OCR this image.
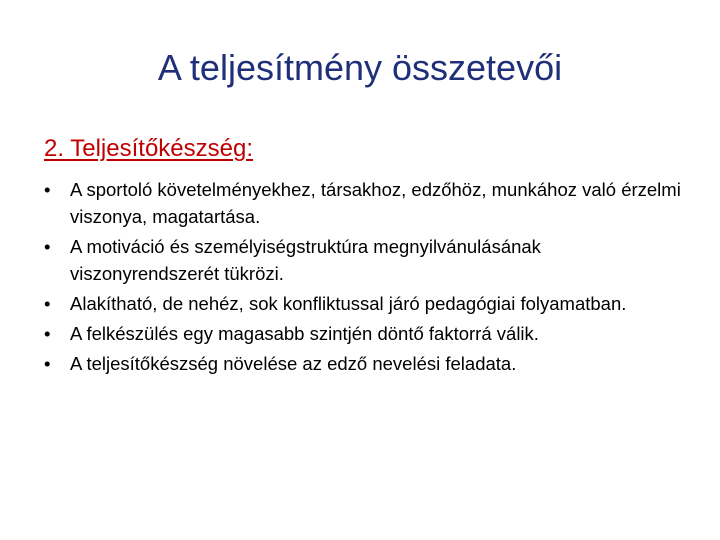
A teljesítmény összetevői
2. Teljesítőkészség:
•	A sportoló követelményekhez, társakhoz, edzőhöz, munkához való érzelmi viszonya, magatartása.
•	A motiváció és személyiségstruktúra megnyilvánulásának viszonyrendszerét tükrözi.
•	Alakítható, de nehéz, sok konfliktussal járó pedagógiai folyamatban.
•	A felkészülés egy magasabb szintjén döntő faktorrá válik.
•	A teljesítőkészség növelése az edző nevelési feladata.
